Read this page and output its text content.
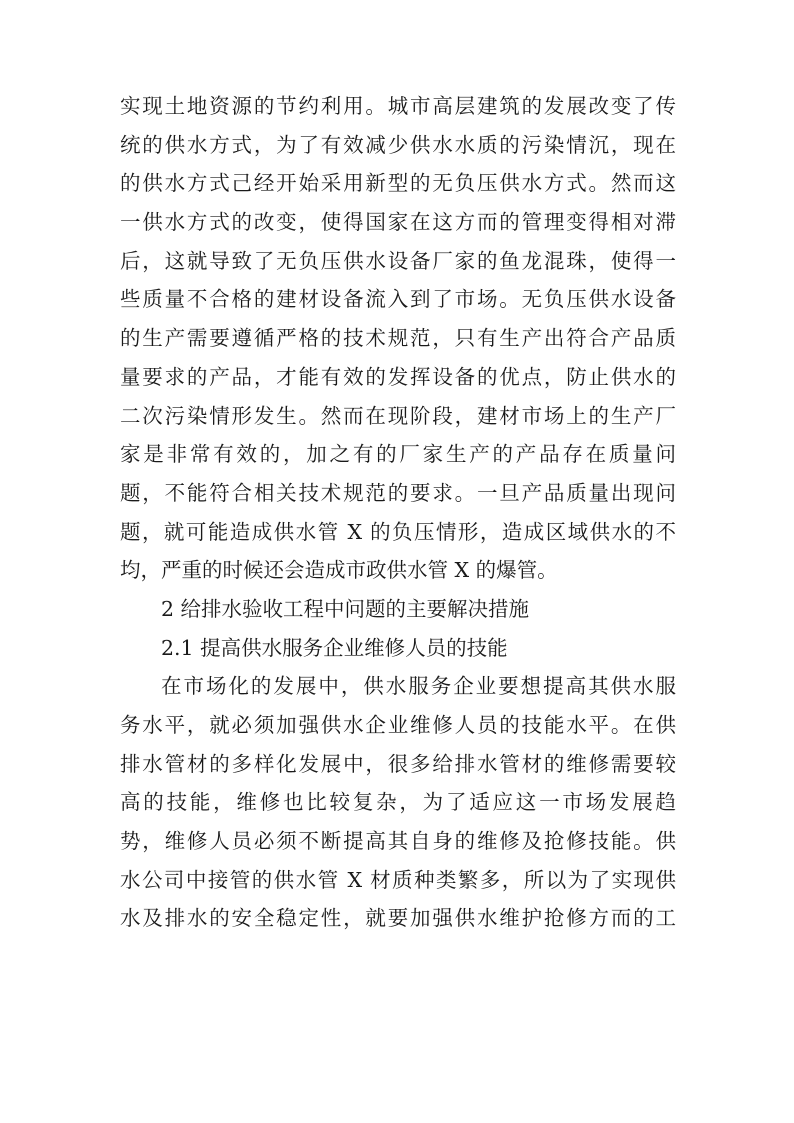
实现土地资源的节约利用。城市高层建筑的发展改变了传
统的供水方式，为了有效减少供水水质的污染情沉，现在
的供水方式己经开始采用新型的无负压供水方式。然而这
一供水方式的改变，使得国家在这方而的管理变得相对滞
后，这就导致了无负压供水设备厂家的鱼龙混珠，使得一
些质量不合格的建材设备流入到了市场。无负压供水设备
的生产需要遵循严格的技术规范，只有生产出符合产品质
量要求的产品，才能有效的发挥设备的优点，防止供水的
二次污染情形发生。然而在现阶段，建材市场上的生产厂
家是非常有效的，加之有的厂家生产的产品存在质量问
题，不能符合相关技术规范的要求。一旦产品质量出现问
题，就可能造成供水管 X 的负压情形，造成区域供水的不
均，严重的时候还会造成市政供水管 X 的爆管。
2 给排水验收工程中问题的主要解决措施
2.1 提高供水服务企业维修人员的技能
在市场化的发展中，供水服务企业要想提高其供水服
务水平，就必须加强供水企业维修人员的技能水平。在供
排水管材的多样化发展中，很多给排水管材的维修需要较
高的技能，维修也比较复杂，为了适应这一市场发展趋
势，维修人员必须不断提高其自身的维修及抢修技能。供
水公司中接管的供水管 X 材质种类繁多，所以为了实现供
水及排水的安全稳定性，就要加强供水维护抢修方而的工
